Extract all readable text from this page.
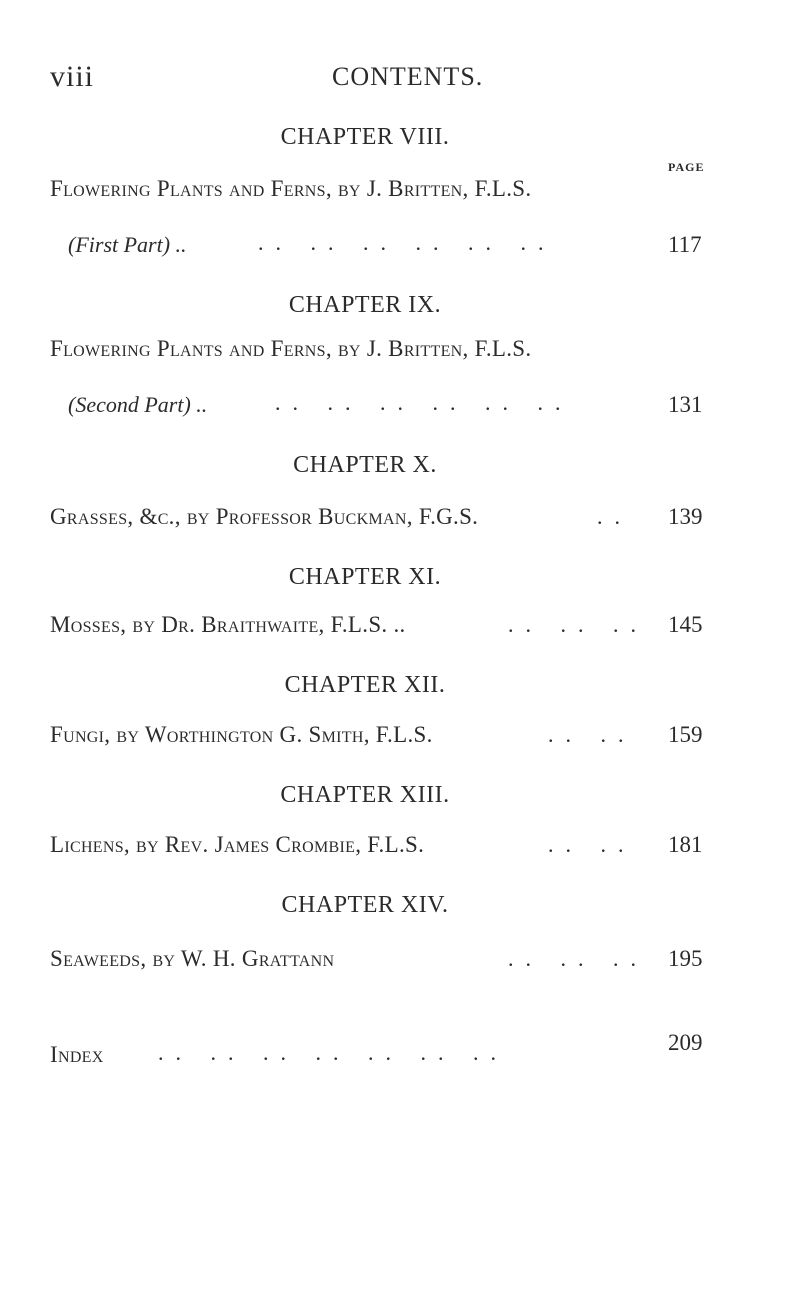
viii	CONTENTS.
CHAPTER VIII.
PAGE
Flowering Plants and Ferns, by J. Britten, F.L.S.
(First Part) ..	.. .. .. .. .. ..	117
CHAPTER IX.
Flowering Plants and Ferns, by J. Britten, F.L.S.
(Second Part) ..	.. .. .. .. .. ..	131
CHAPTER X.
Grasses, &c., by Professor Buckman, F.G.S.	.. 139
CHAPTER XI.
Mosses, by Dr. Braithwaite, F.L.S. ..	.. .. .. 145
CHAPTER XII.
Fungi, by Worthington G. Smith, F.L.S.	.. .. 159
CHAPTER XIII.
Lichens, by Rev. James Crombie, F.L.S.	.. .. 181
CHAPTER XIV.
Seaweeds, by W. H. Grattann	.. .. .. 195
Index .. .. .. .. .. .. ..	209
